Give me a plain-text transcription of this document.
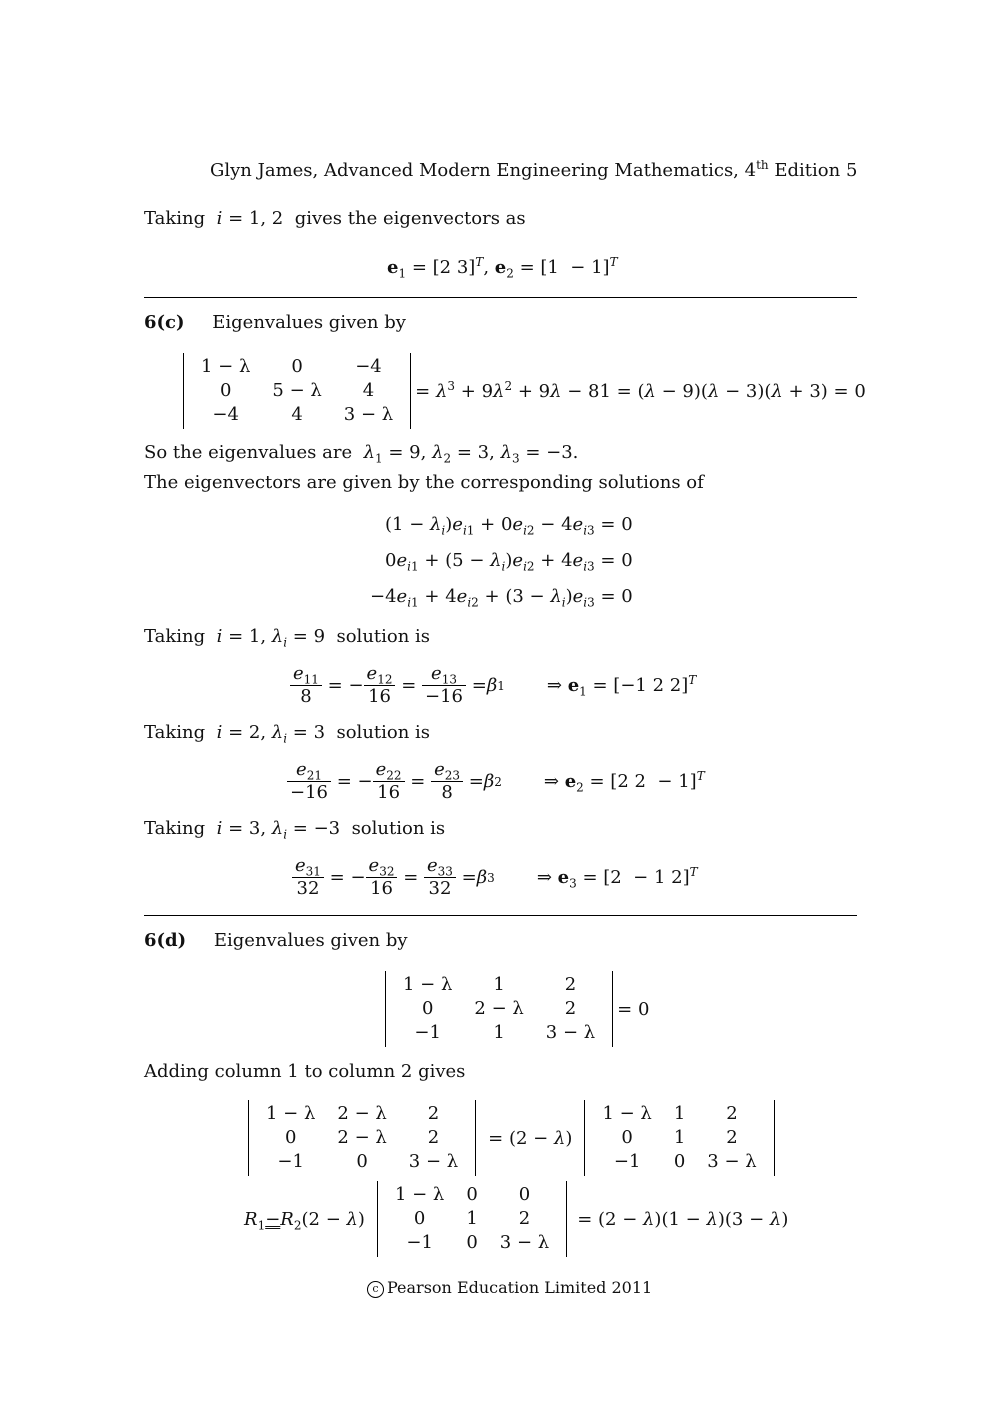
Glyn James, Advanced Modern Engineering Mathematics, 4th Edition 5
Taking i = 1, 2  gives the eigenvectors as
$e_1 = [2$ 3]$^T$, $e_2 = [1 - 1]^T$
6(c) Eigenvalues given by
1 − λ	0	−4
0	5 − λ	4
−4	4	3 − λ
= $\lambda^3 + 9\lambda^2 + 9\lambda - 81 = (\lambda - 9)(\lambda - 3)(\lambda + 3) = 0$
So the eigenvalues are $\lambda_1 = 9$, $\lambda_2 = 3$, $\lambda_3 = -3$.
The eigenvectors are given by the corresponding solutions of
$(1 - \lambda_i)e_{i1} + 0e_{i2} - 4e_{i3} = 0$
$0e_{i1} + (5 - \lambda_i)e_{i2} + 4e_{i3} = 0$
$-4e_{i1} + 4e_{i2} + (3 - \lambda_i)e_{i3} = 0$
Taking i = 1, $\lambda_i = 9$  solution is
$\frac{e_{11}}{8}$ = − $\frac{e_{12}}{16} = \frac{e_{13}}{-16} = \beta$ 1 ⇒ $e_1 = [-1$ 2 2]$^T$
Taking i = 2, $\lambda_i = 3$  solution is
$\frac{e_{21}}{-16}$ = − $\frac{e_{22}}{16} = \frac{e_{23}}{8} = \beta$ 2 ⇒ $e_2 = [2$ 2  − 1]$^T$
Taking i = 3, $\lambda_i = -3$  solution is
$\frac{e_{31}}{32}$ = − $\frac{e_{32}}{16} = \frac{e_{33}}{32} = \beta$ 3 ⇒ $e_3 = [2 - 1$ 2]$^T$
6(d) Eigenvalues given by
1 − λ	1	2
0	2 − λ	2
−1	1	3 − λ
= 0
Adding column 1 to column 2 gives
1 − λ	2 − λ	2
0	2 − λ	2
−1	0	3 − λ
= (2 − λ)
1 − λ	1	2
0	1	2
−1	0	3 − λ
$R_1-R_2(2 - \lambda)$
1 − λ	0	0
0	1	2
−1	0	3 − λ
= (2 − λ)(1 − λ)(3 − λ)
c Pearson Education Limited 2011
